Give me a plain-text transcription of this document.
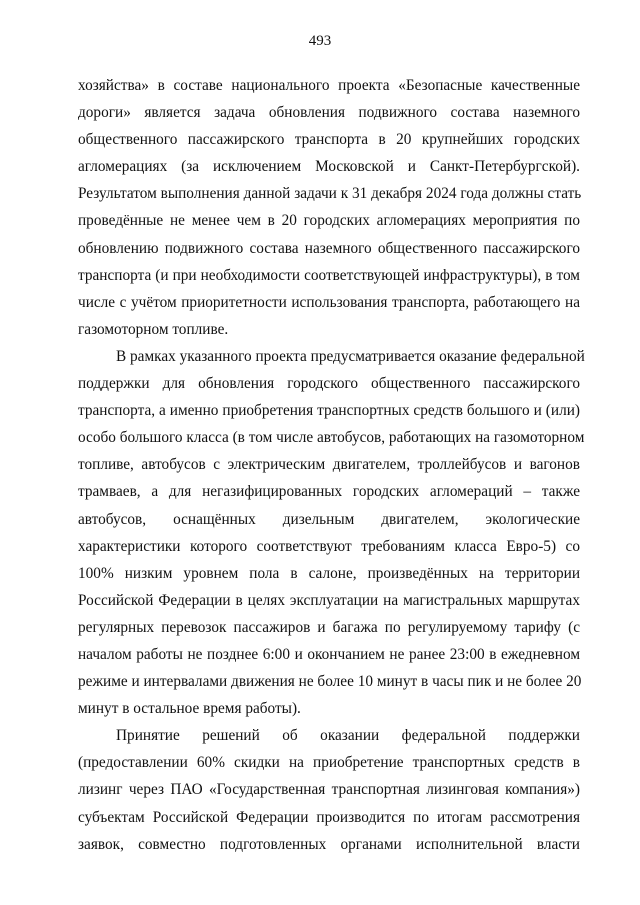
493
хозяйства» в составе национального проекта «Безопасные качественные
дороги» является задача обновления подвижного состава наземного
общественного пассажирского транспорта в 20 крупнейших городских
агломерациях (за исключением Московской и Санкт-Петербургской).
Результатом выполнения данной задачи к 31 декабря 2024 года должны стать
проведённые не менее чем в 20 городских агломерациях мероприятия по
обновлению подвижного состава наземного общественного пассажирского
транспорта (и при необходимости соответствующей инфраструктуры), в том
числе с учётом приоритетности использования транспорта, работающего на
газомоторном топливе.
В рамках указанного проекта предусматривается оказание федеральной
поддержки для обновления городского общественного пассажирского
транспорта, а именно приобретения транспортных средств большого и (или)
особо большого класса (в том числе автобусов, работающих на газомоторном
топливе, автобусов с электрическим двигателем, троллейбусов и вагонов
трамваев, а для негазифицированных городских агломераций – также
автобусов, оснащённых дизельным двигателем, экологические
характеристики которого соответствуют требованиям класса Евро-5) со
100% низким уровнем пола в салоне, произведённых на территории
Российской Федерации в целях эксплуатации на магистральных маршрутах
регулярных перевозок пассажиров и багажа по регулируемому тарифу (с
началом работы не позднее 6:00 и окончанием не ранее 23:00 в ежедневном
режиме и интервалами движения не более 10 минут в часы пик и не более 20
минут в остальное время работы).
Принятие решений об оказании федеральной поддержки
(предоставлении 60% скидки на приобретение транспортных средств в
лизинг через ПАО «Государственная транспортная лизинговая компания»)
субъектам Российской Федерации производится по итогам рассмотрения
заявок, совместно подготовленных органами исполнительной власти
